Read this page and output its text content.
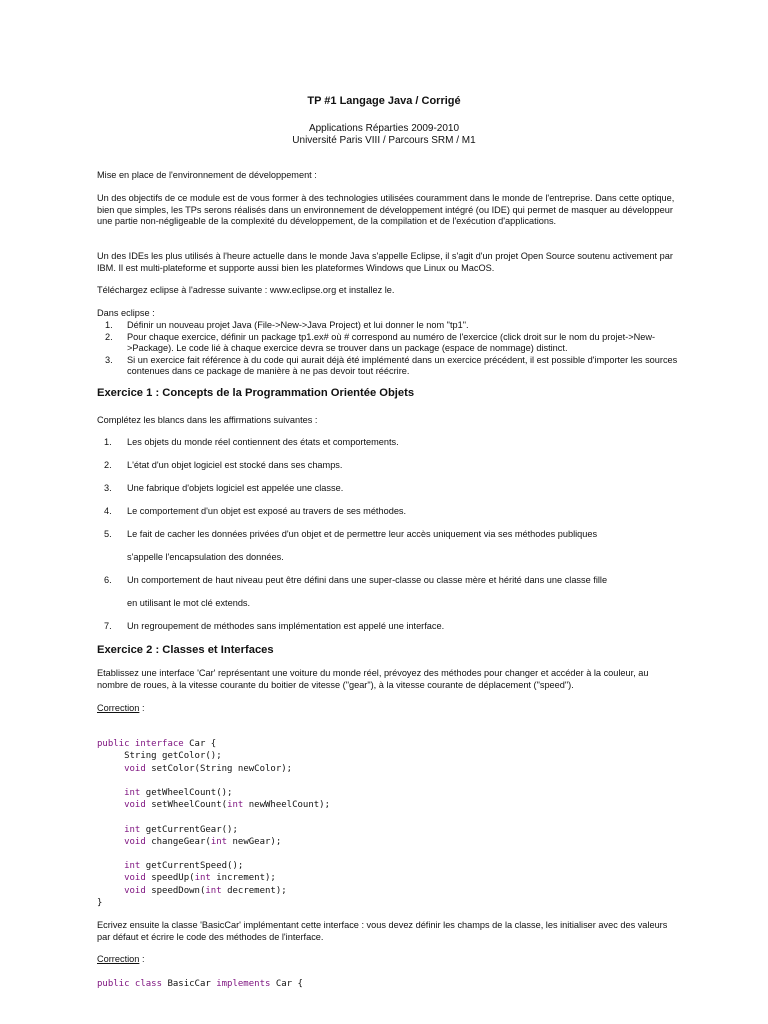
TP #1 Langage Java / Corrigé
Applications Réparties 2009-2010
Université Paris VIII / Parcours SRM / M1
Mise en place de l'environnement de développement :
Un des objectifs de ce module est de vous former à des technologies utilisées couramment dans le monde de l'entreprise. Dans cette optique, bien que simples, les TPs serons réalisés dans un environnement de développement intégré (ou IDE) qui permet de masquer au développeur une partie non-négligeable de la complexité du développement, de la compilation et de l'exécution d'applications.
Un des IDEs les plus utilisés à l'heure actuelle dans le monde Java s'appelle Eclipse, il s'agit d'un projet Open Source soutenu activement par IBM. Il est multi-plateforme et supporte aussi bien les plateformes Windows que Linux ou MacOS.
Téléchargez eclipse à l'adresse suivante : www.eclipse.org et installez le.
Dans eclipse :
1. Définir un nouveau projet Java (File->New->Java Project) et lui donner le nom "tp1".
2. Pour chaque exercice, définir un package tp1.ex# où # correspond au numéro de l'exercice (click droit sur le nom du projet->New->Package). Le code lié à chaque exercice devra se trouver dans un package (espace de nommage) distinct.
3. Si un exercice fait référence à du code qui aurait déjà été implémenté dans un exercice précédent, il est possible d'importer les sources contenues dans ce package de manière à ne pas devoir tout réécrire.
Exercice 1 : Concepts de la Programmation Orientée Objets
Complétez les blancs dans les affirmations suivantes :
1. Les objets du monde réel contiennent des états et comportements.
2. L'état d'un objet logiciel est stocké dans ses champs.
3. Une fabrique d'objets logiciel est appelée une classe.
4. Le comportement d'un objet est exposé au travers de ses méthodes.
5. Le fait de cacher les données privées d'un objet et de permettre leur accès uniquement via ses méthodes publiques
s'appelle l'encapsulation des données.
6. Un comportement de haut niveau peut être défini dans une super-classe ou classe mère et hérité dans une classe fille
en utilisant le mot clé extends.
7. Un regroupement de méthodes sans implémentation est appelé une interface.
Exercice 2 : Classes et Interfaces
Etablissez une interface 'Car' représentant une voiture du monde réel, prévoyez des méthodes pour changer et accéder à la couleur, au nombre de roues, à la vitesse courante du boitier de vitesse ("gear"), à la vitesse courante de déplacement ("speed").
Correction :

public interface Car {
String getColor();
void setColor(String newColor);

int getWheelCount();
void setWheelCount(int newWheelCount);

int getCurrentGear();
void changeGear(int newGear);

int getCurrentSpeed();
void speedUp(int increment);
void speedDown(int decrement);
}

Ecrivez ensuite la classe 'BasicCar' implémentant cette interface : vous devez définir les champs de la classe, les initialiser avec des valeurs par défaut et écrire le code des méthodes de l'interface.
Correction :
public class BasicCar implements Car {
